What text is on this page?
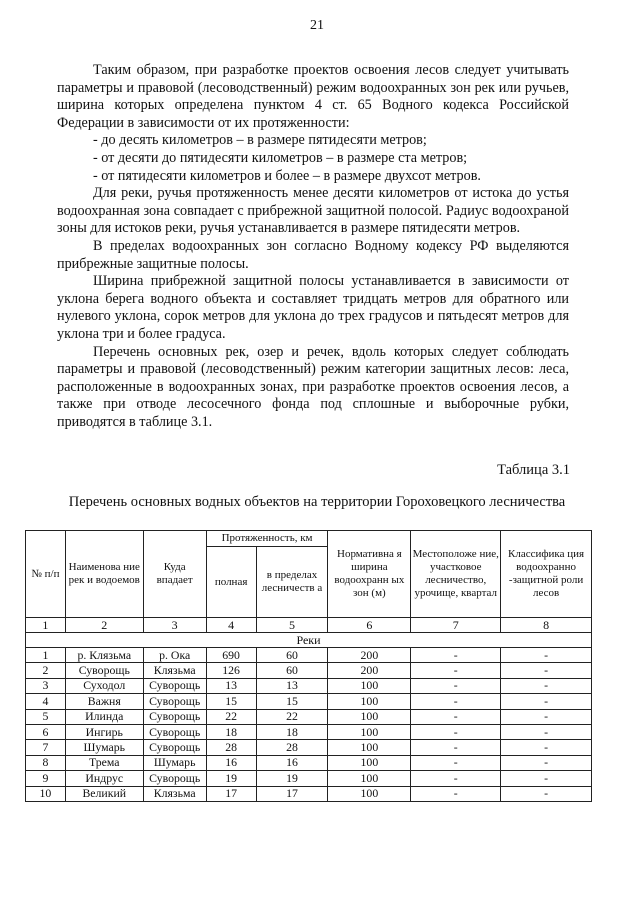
21

Таким образом, при разработке проектов освоения лесов следует учитывать параметры и правовой (лесоводственный) режим водоохранных зон рек или ручьев, ширина которых определена пунктом 4 ст. 65 Водного кодекса Российской Федерации в зависимости от их протяженности:

- до десять километров – в размере пятидесяти метров;

- от десяти до пятидесяти километров – в размере ста метров;

- от пятидесяти километров и более – в размере двухсот метров.

Для реки, ручья протяженность менее десяти километров от истока до устья водоохранная зона совпадает с прибрежной защитной полосой. Радиус водоохраной зоны для истоков реки, ручья устанавливается в размере пятидесяти метров.

В пределах водоохранных зон согласно Водному кодексу РФ выделяются прибрежные защитные полосы.

Ширина прибрежной защитной полосы устанавливается в зависимости от уклона берега водного объекта и составляет тридцать метров для обратного или нулевого уклона, сорок метров для уклона до трех градусов и пятьдесят метров для уклона три и более градуса.

Перечень основных рек, озер и речек, вдоль которых следует соблюдать параметры и правовой (лесоводственный) режим категории защитных лесов: леса, расположенные в водоохранных зонах, при разработке проектов освоения лесов, а также при отводе лесосечного фонда под сплошные и выборочные рубки, приводятся в таблице 3.1.

Таблица 3.1
Перечень основных водных объектов на территории Гороховецкого лесничества
№ п/п	Наименова ние рек и водоемов	Куда впадает	Протяженность, км		Нормативна я ширина водоохранн ых зон (м)	Местоположе ние, участковое лесничество, урочище, квартал	Классифика ция водоохранно -защитной роли лесов
			полная	в пределах лесничеств а			
1	2	3	4	5	6	7	8
Реки							
1	р. Клязьма	р. Ока	690	60	200	-	-
2	Суворощь	Клязьма	126	60	200	-	-
3	Суходол	Суворощь	13	13	100	-	-
4	Важня	Суворощь	15	15	100	-	-
5	Илинда	Суворощь	22	22	100	-	-
6	Ингирь	Суворощь	18	18	100	-	-
7	Шумарь	Суворощь	28	28	100	-	-
8	Трема	Шумарь	16	16	100	-	-
9	Индрус	Суворощь	19	19	100	-	-
10	Великий	Клязьма	17	17	100	-	-
